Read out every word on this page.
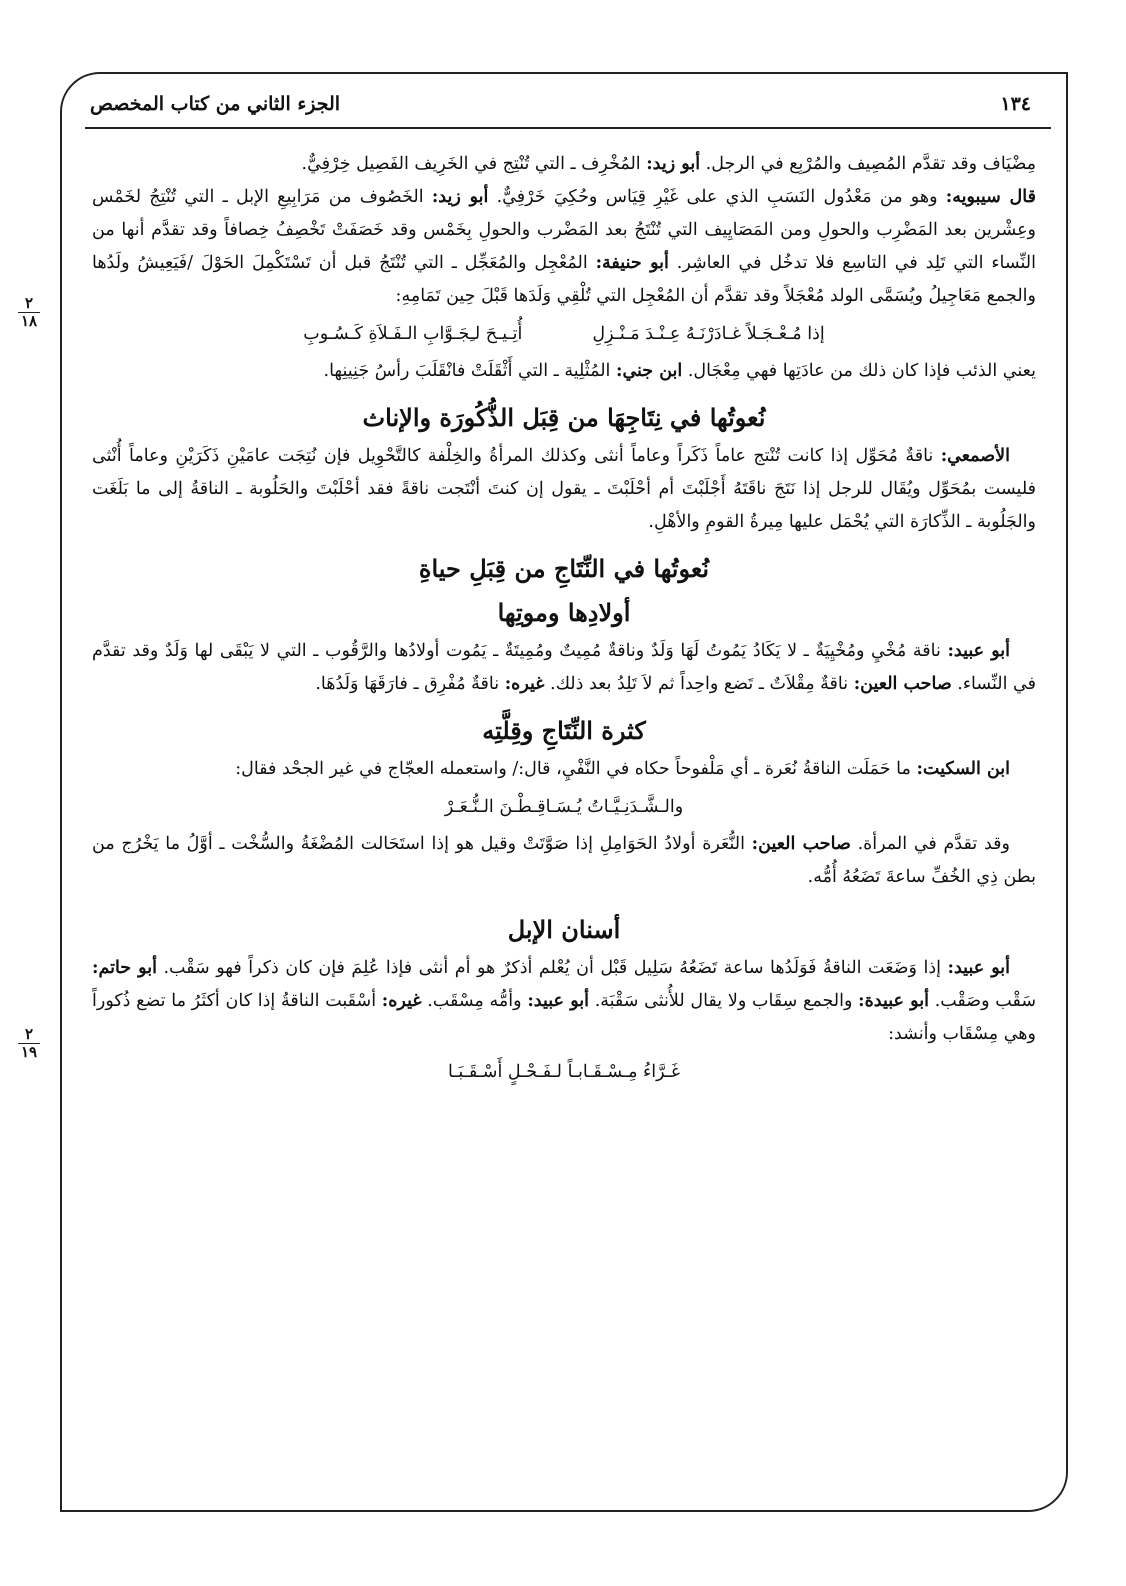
١٣٤
الجزء الثاني من كتاب المخصص
٢
١٨
٢
١٩

مِضْيَاف وقد تقدَّم المُصِيف والمُرْبِع في الرجل. أبو زيد: المُخْرِف ـ التي تُنْتِج في الخَرِيف الفَصِيل خِرْفِيٌّ.

قال سيبويه: وهو من مَعْدُول النَسَبِ الذي على غَيْرِ قِيَاس وحُكِيَ خَرْفِيٌّ. أبو زيد: الخَصُوف من مَرَابِيعِ الإبل ـ التي تُنْتِجُ لخَمْس وعِشْرين بعد المَضْرِب والحولِ ومن المَصَايِيف التي تُنْتَجُ بعد المَضْرب والحولِ بِخَمْس وقد خَصَفَتْ تَخْصِفُ خِصافاً وقد تقدَّم أنها من النِّساء التي تَلِد في التاسِع فلا تدخُل في العاشِر. أبو حنيفة: المُعْجِل والمُعَجِّل ـ التي تُنْتَجُ قبل أن تَسْتَكْمِلَ الحَوْلَ /فَيَعِيشُ ولَدُها والجمع مَعَاجِيلُ ويُسَمَّى الولد مُعْجَلاً وقد تقدَّم أن المُعْجِل التي تُلْقِي وَلَدَها قَبْلَ حِين تَمَامِهِ:

إذا مُـعْـجَـلاً غـادَرْنَـهُ عِـنْـدَ مَـنْـزِلِ
أُتِـيـحَ لـِجَـوَّابِ الـفَـلاَةِ كَـسُـوبِ

يعني الذئب فإذا كان ذلك من عادَتِها فهي مِعْجَال. ابن جني: المُثْلِية ـ التي أَثْقَلَتْ فانْقَلَبَ رأسُ جَنِينِها.

نُعوتُها في نِتَاجِهَا من قِبَل الذُّكُورَة والإناث

الأصمعي: ناقةٌ مُحَوِّل إذا كانت تُنْتج عاماً ذَكَراً وعاماً أنثى وكذلك المرأةُ والخِلْفة كالتَّحْوِيل فإن نُتِجَت عامَيْنِ ذَكَرَيْنِ وعاماً أُنْثى فليست بمُحَوِّل ويُقَال للرجل إذا نَتَجَ ناقَتَهُ أَجْلَبْتَ أم أحْلَبْتَ ـ يقول إن كنتَ أنْتَجت ناقةً فقد أحْلَبْتَ والحَلُوبة ـ الناقةُ إلى ما بَلَغَت والجَلُوبة ـ الذِّكارَة التي يُحْمَل عليها مِيرةُ القومِ والأهْلِ.

نُعوتُها في النِّتَاجِ من قِبَلِ حياةِ
أولادِها وموتِها

أبو عبيد: ناقة مُخْيِ ومُخْيِيَةٌ ـ لا يَكَادُ يَمُوتُ لَهَا وَلَدٌ وناقةٌ مُمِيتٌ ومُمِيتَةٌ ـ يَمُوت أولادُها والرَّقُوب ـ التي لا يَبْقَى لها وَلَدٌ وقد تقدَّم في النِّساء. صاحب العين: ناقةٌ مِقْلاَتٌ ـ تَضع واحِداً ثم لاَ تَلِدُ بعد ذلك. غيره: ناقةٌ مُفْرِق ـ فارَقَهَا وَلَدُهَا.

كثرة النِّتَاجِ وقِلَّتِه

ابن السكيت: ما حَمَلَت الناقةُ نُعَرة ـ أي مَلْفوحاً حكاه في النَّفْيِ، قال:/ واستعمله العجّاج في غير الجحْد فقال:

والـشَّـدَنِـيَّـاتُ يُـسَـاقِـطْـنَ الـنُّـعَـرْ

وقد تقدَّم في المرأة. صاحب العين: النُّعَرة أولادُ الحَوَامِلِ إذا صَوَّتَتْ وقيل هو إذا استَحَالت المُضْغَةُ والسُّخْت ـ أوَّلُ ما يَخْرُج من بطن ذِي الخُفِّ ساعةَ تَضَعُهُ أُمُّه.

أسنان الإبل

أبو عبيد: إذا وَضَعَت الناقةُ فَوَلَدُها ساعة تَضَعُهُ سَلِيل قَبْل أن يُعْلم أذكرٌ هو أم أنثى فإذا عُلِمَ فإن كان ذكراً فهو سَقْب. أبو حاتم: سَقْب وصَقْب. أبو عبيدة: والجمع سِقَاب ولا يقال للأُنثى سَقْبَة. أبو عبيد: وأمُّه مِسْقَب. غيره: أسْقَبت الناقةُ إذا كان أكثَرُ ما تضع ذُكوراً وهي مِسْقَاب وأنشد:

غَـرَّاءُ مِـسْـقَـابـاً لـفَـحْـلٍ أَسْـقَـبَـا
